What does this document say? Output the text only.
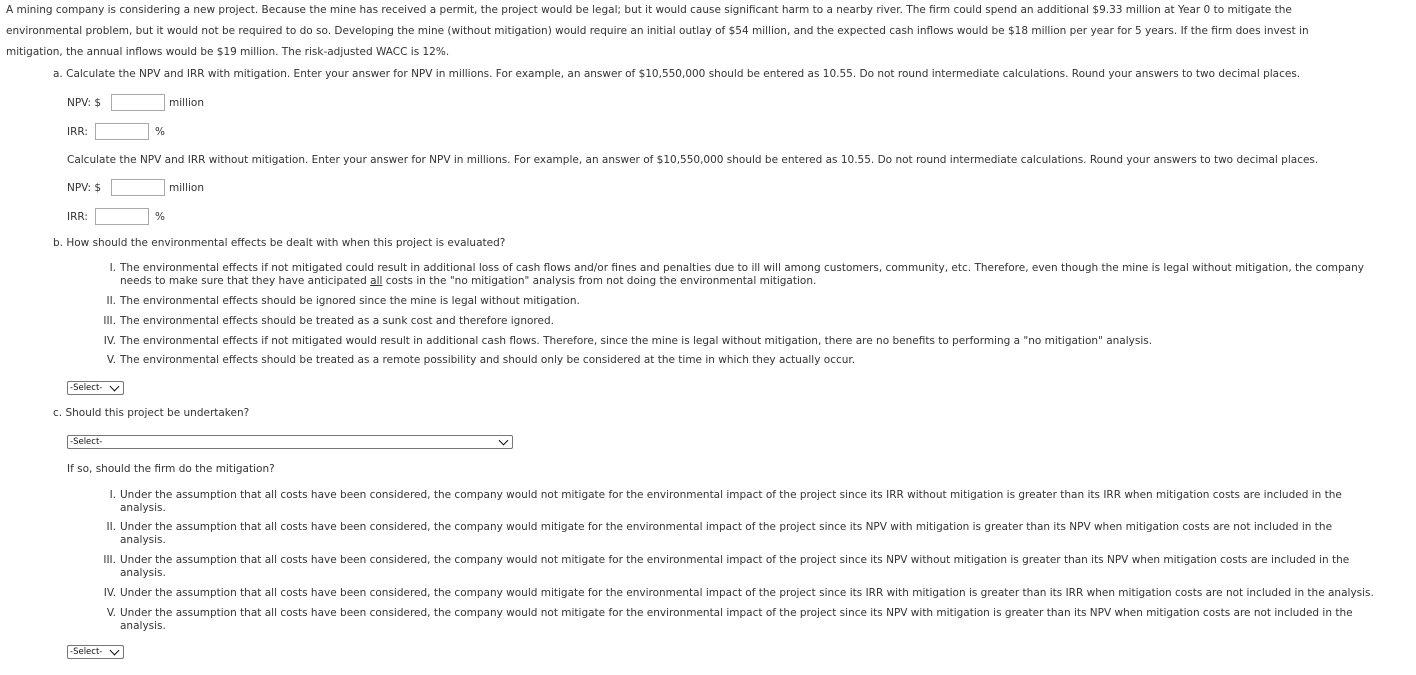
A mining company is considering a new project. Because the mine has received a permit, the project would be legal; but it would cause significant harm to a nearby river. The firm could spend an additional $9.33 million at Year 0 to mitigate the

environmental problem, but it would not be required to do so. Developing the mine (without mitigation) would require an initial outlay of $54 million, and the expected cash inflows would be $18 million per year for 5 years. If the firm does invest in

mitigation, the annual inflows would be $19 million. The risk-adjusted WACC is 12%.

a. Calculate the NPV and IRR with mitigation. Enter your answer for NPV in millions. For example, an answer of $10,550,000 should be entered as 10.55. Do not round intermediate calculations. Round your answers to two decimal places.
NPV: $	million
IRR:	%
Calculate the NPV and IRR without mitigation. Enter your answer for NPV in millions. For example, an answer of $10,550,000 should be entered as 10.55. Do not round intermediate calculations. Round your answers to two decimal places.
NPV: $	million
IRR:	%
b. How should the environmental effects be dealt with when this project is evaluated?
I. The environmental effects if not mitigated could result in additional loss of cash flows and/or fines and penalties due to ill will among customers, community, etc. Therefore, even though the mine is legal without mitigation, the company
needs to make sure that they have anticipated all costs in the "no mitigation" analysis from not doing the environmental mitigation.
II. The environmental effects should be ignored since the mine is legal without mitigation.
III. The environmental effects should be treated as a sunk cost and therefore ignored.
IV. The environmental effects if not mitigated would result in additional cash flows. Therefore, since the mine is legal without mitigation, there are no benefits to performing a "no mitigation" analysis.
V. The environmental effects should be treated as a remote possibility and should only be considered at the time in which they actually occur.
-Select-
c. Should this project be undertaken?
-Select-
If so, should the firm do the mitigation?
I. Under the assumption that all costs have been considered, the company would not mitigate for the environmental impact of the project since its IRR without mitigation is greater than its IRR when mitigation costs are included in the
analysis.
II. Under the assumption that all costs have been considered, the company would mitigate for the environmental impact of the project since its NPV with mitigation is greater than its NPV when mitigation costs are not included in the
analysis.
III. Under the assumption that all costs have been considered, the company would not mitigate for the environmental impact of the project since its NPV without mitigation is greater than its NPV when mitigation costs are included in the
analysis.
IV. Under the assumption that all costs have been considered, the company would mitigate for the environmental impact of the project since its IRR with mitigation is greater than its IRR when mitigation costs are not included in the analysis.
V. Under the assumption that all costs have been considered, the company would not mitigate for the environmental impact of the project since its NPV with mitigation is greater than its NPV when mitigation costs are not included in the
analysis.
-Select-
